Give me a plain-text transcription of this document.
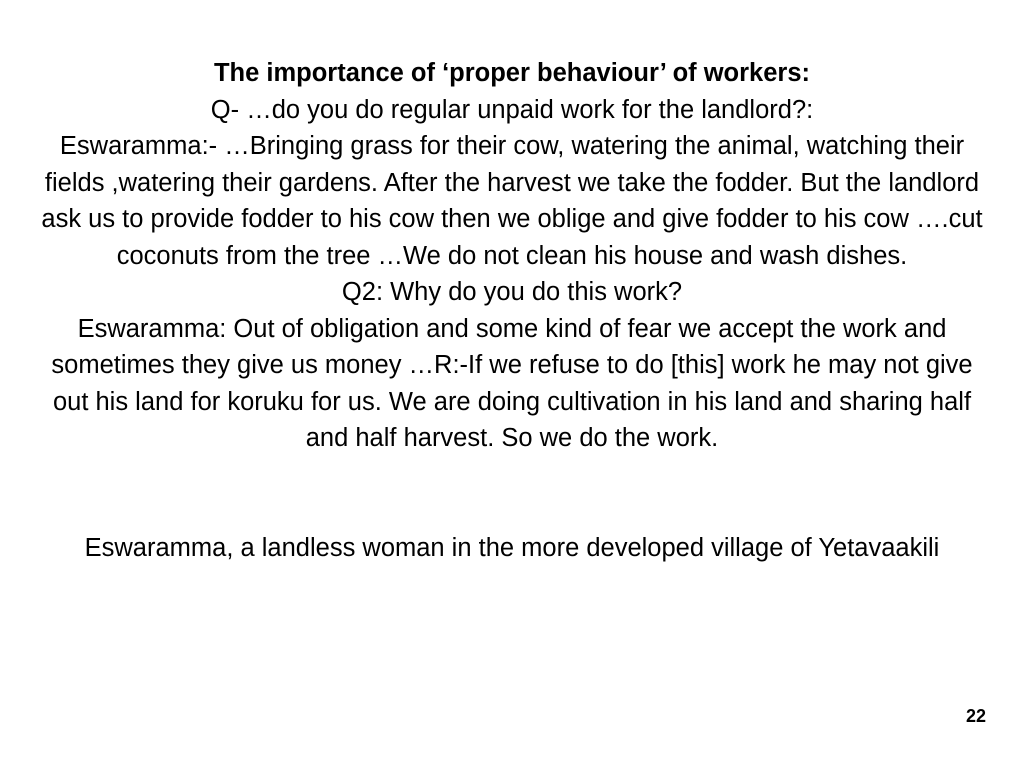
The importance of ‘proper behaviour’ of workers:

Q- …do you do regular unpaid work for the landlord?:

Eswaramma:- …Bringing grass for their cow, watering the animal, watching their fields ,watering their gardens. After the harvest we take the fodder. But the landlord ask us to provide fodder to his cow then we oblige and give fodder to his cow ….cut coconuts from the tree …We do not clean his house and wash dishes.

Q2: Why do you do this work?

Eswaramma: Out of obligation and some kind of fear we accept the work and sometimes they give us money …R:-If we refuse to do [this] work he may not give out his land for koruku for us. We are doing cultivation in his land and sharing half and half harvest. So we do the work.

Eswaramma, a landless woman in the more developed village of Yetavaakili

22
